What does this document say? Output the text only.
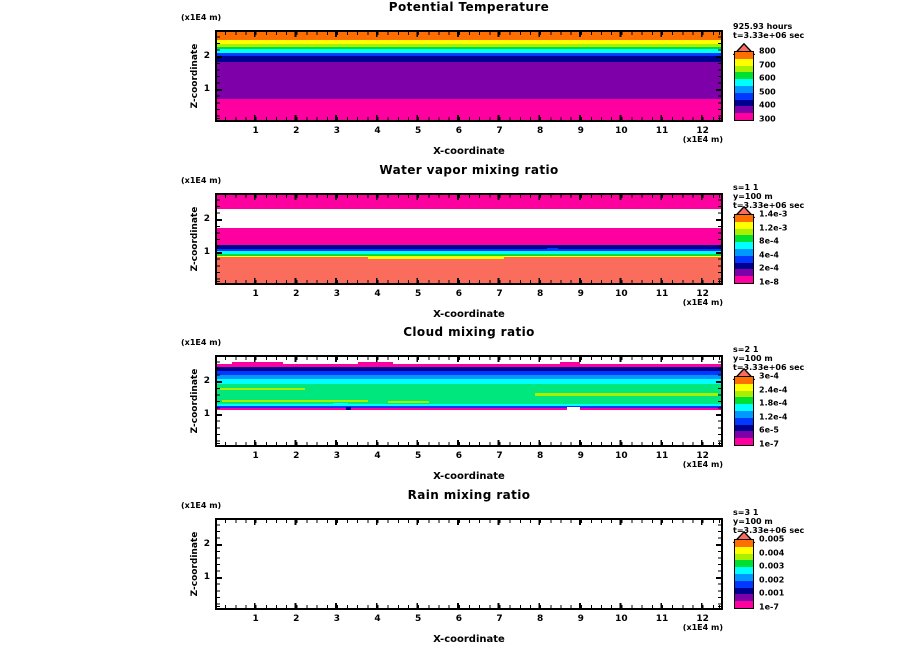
Potential Temperature
(x1E4 m)
Z-coordinate 2
1
1	2	3	4	5	6	7	8	9	10	11	12
(x1E4 m)
X-coordinate
925.93 hours
t=3.33e+06 sec
800
700
600
500
400
300
Water vapor mixing ratio
(x1E4 m)
Z-coordinate 2
1
1	2	3	4	5	6	7	8	9	10	11	12
(x1E4 m)
X-coordinate
s=1 1
y=100 m
t=3.33e+06 sec
1.4e-3
1.2e-3
8e-4
4e-4
2e-4
1e-8
Cloud mixing ratio
(x1E4 m)
Z-coordinate 2
1
1	2	3	4	5	6	7	8	9	10	11	12
(x1E4 m)
X-coordinate
s=2 1
y=100 m
t=3.33e+06 sec
3e-4
2.4e-4
1.8e-4
1.2e-4
6e-5
1e-7
Rain mixing ratio
(x1E4 m)
Z-coordinate 2
1
1	2	3	4	5	6	7	8	9	10	11	12
(x1E4 m)
X-coordinate
s=3 1
y=100 m
t=3.33e+06 sec
0.005
0.004
0.003
0.002
0.001
1e-7
